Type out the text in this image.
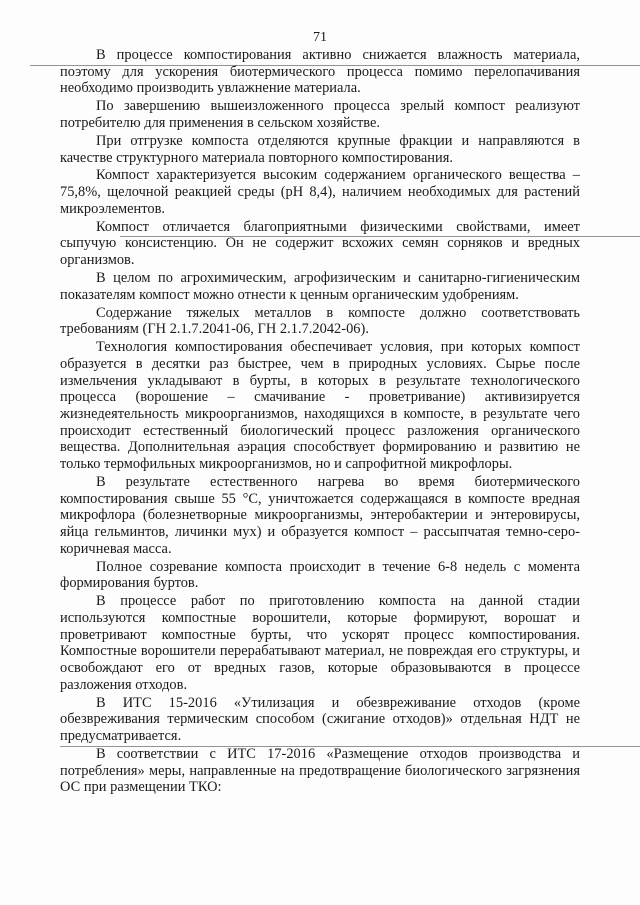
71

В процессе компостирования активно снижается влажность материала, поэтому для ускорения биотермического процесса помимо перелопачивания необходимо производить увлажнение материала.

По завершению вышеизложенного процесса зрелый компост реализуют потребителю для применения в сельском хозяйстве.

При отгрузке компоста отделяются крупные фракции и направляются в качестве структурного материала повторного компостирования.

Компост характеризуется высоким содержанием органического вещества – 75,8%, щелочной реакцией среды (pH 8,4), наличием необходимых для растений микроэлементов.

Компост отличается благоприятными физическими свойствами, имеет сыпучую консистенцию. Он не содержит всхожих семян сорняков и вредных организмов.

В целом по агрохимическим, агрофизическим и санитарно-гигиеническим показателям компост можно отнести к ценным органическим удобрениям.

Содержание тяжелых металлов в компосте должно соответствовать требованиям (ГН 2.1.7.2041-06, ГН 2.1.7.2042-06).

Технология компостирования обеспечивает условия, при которых компост образуется в десятки раз быстрее, чем в природных условиях. Сырье после измельчения укладывают в бурты, в которых в результате технологического процесса (ворошение – смачивание - проветривание) активизируется жизнедеятельность микроорганизмов, находящихся в компосте, в результате чего происходит естественный биологический процесс разложения органического вещества. Дополнительная аэрация способствует формированию и развитию не только термофильных микроорганизмов, но и сапрофитной микрофлоры.

В результате естественного нагрева во время биотермического компостирования свыше 55 °С, уничтожается содержащаяся в компосте вредная микрофлора (болезнетворные микроорганизмы, энтеробактерии и энтеровирусы, яйца гельминтов, личинки мух) и образуется компост – рассыпчатая темно-серо-коричневая масса.

Полное созревание компоста происходит в течение 6-8 недель с момента формирования буртов.

В процессе работ по приготовлению компоста на данной стадии используются компостные ворошители, которые формируют, ворошат и проветривают компостные бурты, что ускорят процесс компостирования. Компостные ворошители перерабатывают материал, не повреждая его структуры, и освобождают его от вредных газов, которые образовываются в процессе разложения отходов.

В ИТС 15-2016 «Утилизация и обезвреживание отходов (кроме обезвреживания термическим способом (сжигание отходов)» отдельная НДТ не предусматривается.

В соответствии с ИТС 17-2016 «Размещение отходов производства и потребления» меры, направленные на предотвращение биологического загрязнения ОС при размещении ТКО:
